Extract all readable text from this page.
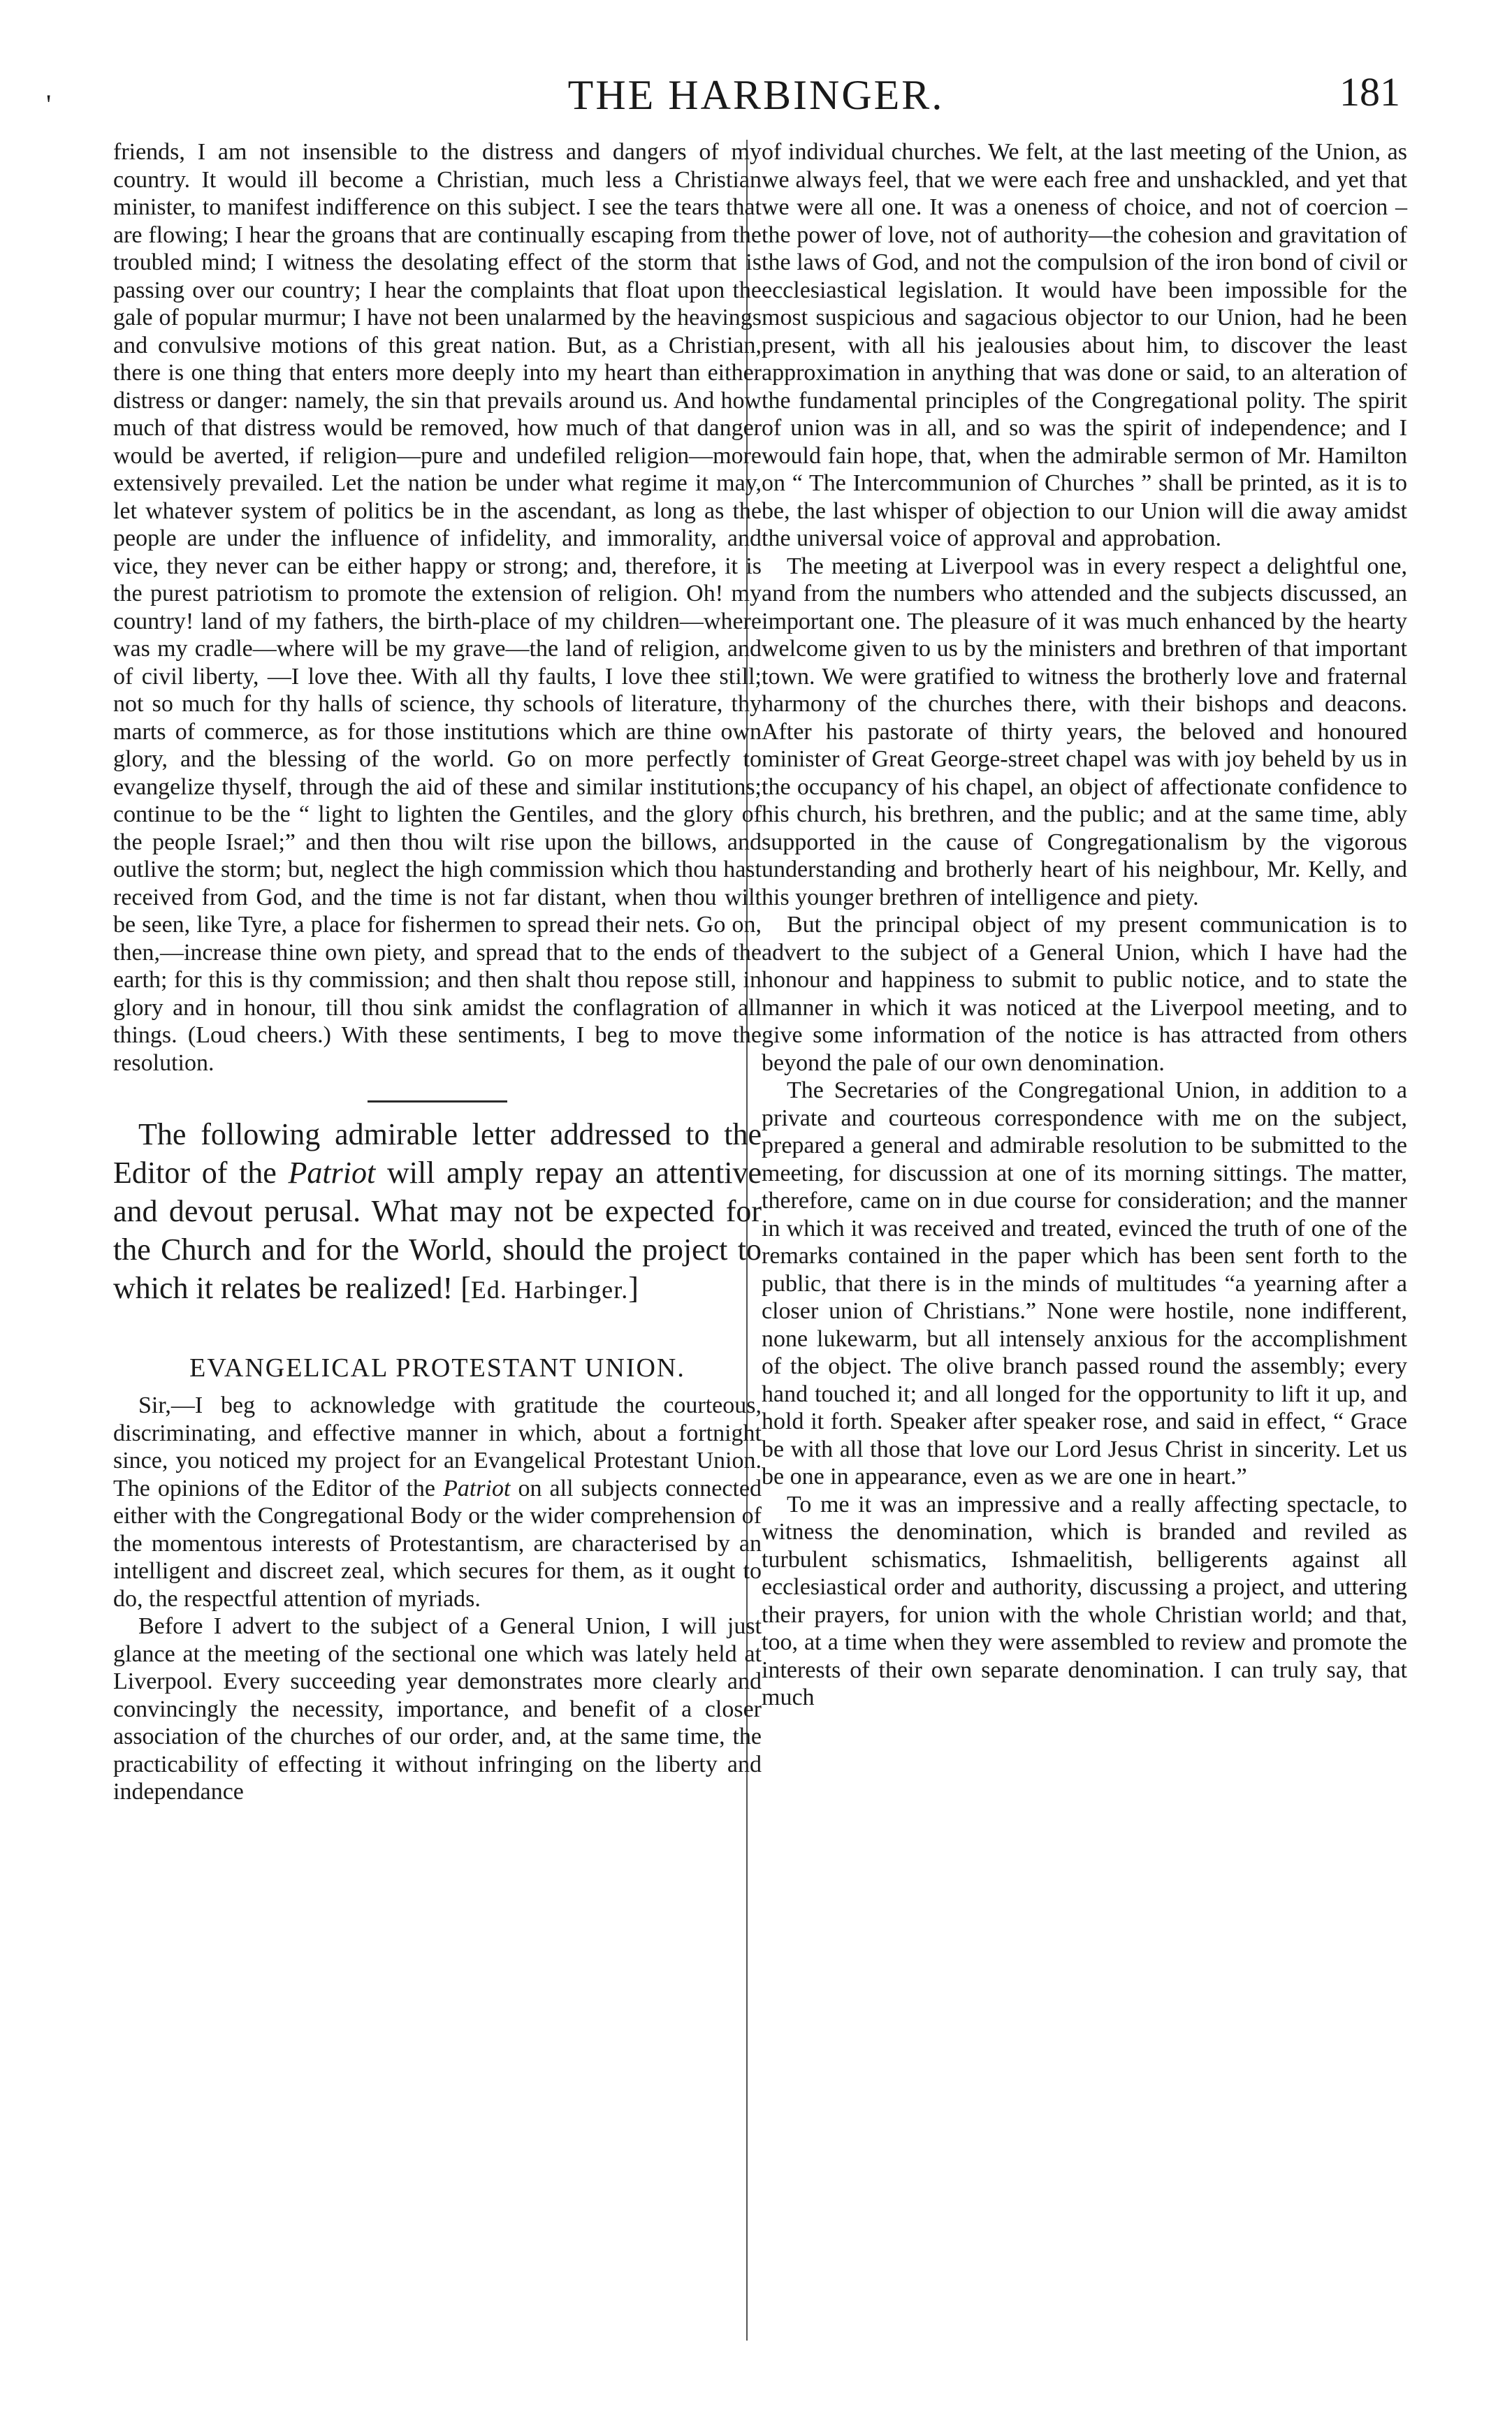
'	THE HARBINGER.	181

friends, I am not insensible to the distress and dangers of my country. It would ill become a Christian, much less a Christian minister, to manifest indifference on this subject. I see the tears that are flowing; I hear the groans that are continually escaping from the troubled mind; I witness the desolating effect of the storm that is passing over our country; I hear the complaints that float upon the gale of popular murmur; I have not been unalarmed by the heavings and convulsive motions of this great nation. But, as a Christian, there is one thing that enters more deeply into my heart than either distress or danger: namely, the sin that prevails around us. And how much of that distress would be removed, how much of that danger would be averted, if religion—pure and undefiled religion—more extensively prevailed. Let the nation be under what regime it may, let whatever system of politics be in the ascendant, as long as the people are under the influence of infidelity, and immorality, and vice, they never can be either happy or strong; and, therefore, it is the purest patriotism to promote the extension of religion. Oh! my country! land of my fathers, the birth-place of my children—where was my cradle—where will be my grave—the land of religion, and of civil liberty, —I love thee. With all thy faults, I love thee still; not so much for thy halls of science, thy schools of literature, thy marts of commerce, as for those institutions which are thine own glory, and the blessing of the world. Go on more perfectly to evangelize thyself, through the aid of these and similar institutions; continue to be the “ light to lighten the Gentiles, and the glory of the people Israel;” and then thou wilt rise upon the billows, and outlive the storm; but, neglect the high commission which thou hast received from God, and the time is not far distant, when thou wilt be seen, like Tyre, a place for fishermen to spread their nets. Go on, then,—increase thine own piety, and spread that to the ends of the earth; for this is thy commission; and then shalt thou repose still, in glory and in honour, till thou sink amidst the conflagration of all things. (Loud cheers.) With these sentiments, I beg to move the resolution.

The following admirable letter addressed to the Editor of the Patriot will amply repay an attentive and devout perusal. What may not be expected for the Church and for the World, should the project to which it relates be realized! [Ed. Harbinger.]

EVANGELICAL PROTESTANT UNION.

Sir,—I beg to acknowledge with gratitude the courteous, discriminating, and effective manner in which, about a fortnight since, you noticed my project for an Evangelical Protestant Union. The opinions of the Editor of the Patriot on all subjects connected either with the Congregational Body or the wider comprehension of the momentous interests of Protestantism, are characterised by an intelligent and discreet zeal, which secures for them, as it ought to do, the respectful attention of myriads.

Before I advert to the subject of a General Union, I will just glance at the meeting of the sectional one which was lately held at Liverpool. Every succeeding year demonstrates more clearly and convincingly the necessity, importance, and benefit of a closer association of the churches of our order, and, at the same time, the practicability of effecting it without infringing on the liberty and independance

of individual churches. We felt, at the last meeting of the Union, as we always feel, that we were each free and unshackled, and yet that we were all one. It was a oneness of choice, and not of coercion – the power of love, not of authority—the cohesion and gravitation of the laws of God, and not the compulsion of the iron bond of civil or ecclesiastical legislation. It would have been impossible for the most suspicious and sagacious objector to our Union, had he been present, with all his jealousies about him, to discover the least approximation in anything that was done or said, to an alteration of the fundamental principles of the Congregational polity. The spirit of union was in all, and so was the spirit of independence; and I would fain hope, that, when the admirable sermon of Mr. Hamilton on “ The Intercommunion of Churches ” shall be printed, as it is to be, the last whisper of objection to our Union will die away amidst the universal voice of approval and approbation.

The meeting at Liverpool was in every respect a delightful one, and from the numbers who attended and the subjects discussed, an important one. The pleasure of it was much enhanced by the hearty welcome given to us by the ministers and brethren of that important town. We were gratified to witness the brotherly love and fraternal harmony of the churches there, with their bishops and deacons. After his pastorate of thirty years, the beloved and honoured minister of Great George-street chapel was with joy beheld by us in the occupancy of his chapel, an object of affectionate confidence to his church, his brethren, and the public; and at the same time, ably supported in the cause of Congregationalism by the vigorous understanding and brotherly heart of his neighbour, Mr. Kelly, and his younger brethren of intelligence and piety.

But the principal object of my present communication is to advert to the subject of a General Union, which I have had the honour and happiness to submit to public notice, and to state the manner in which it was noticed at the Liverpool meeting, and to give some information of the notice is has attracted from others beyond the pale of our own denomination.

The Secretaries of the Congregational Union, in addition to a private and courteous correspondence with me on the subject, prepared a general and admirable resolution to be submitted to the meeting, for discussion at one of its morning sittings. The matter, therefore, came on in due course for consideration; and the manner in which it was received and treated, evinced the truth of one of the remarks contained in the paper which has been sent forth to the public, that there is in the minds of multitudes “a yearning after a closer union of Christians.” None were hostile, none indifferent, none lukewarm, but all intensely anxious for the accomplishment of the object. The olive branch passed round the assembly; every hand touched it; and all longed for the opportunity to lift it up, and hold it forth. Speaker after speaker rose, and said in effect, “ Grace be with all those that love our Lord Jesus Christ in sincerity. Let us be one in appearance, even as we are one in heart.”

To me it was an impressive and a really affecting spectacle, to witness the denomination, which is branded and reviled as turbulent schismatics, Ishmaelitish, belligerents against all ecclesiastical order and authority, discussing a project, and uttering their prayers, for union with the whole Christian world; and that, too, at a time when they were assembled to review and promote the interests of their own separate denomination. I can truly say, that much
